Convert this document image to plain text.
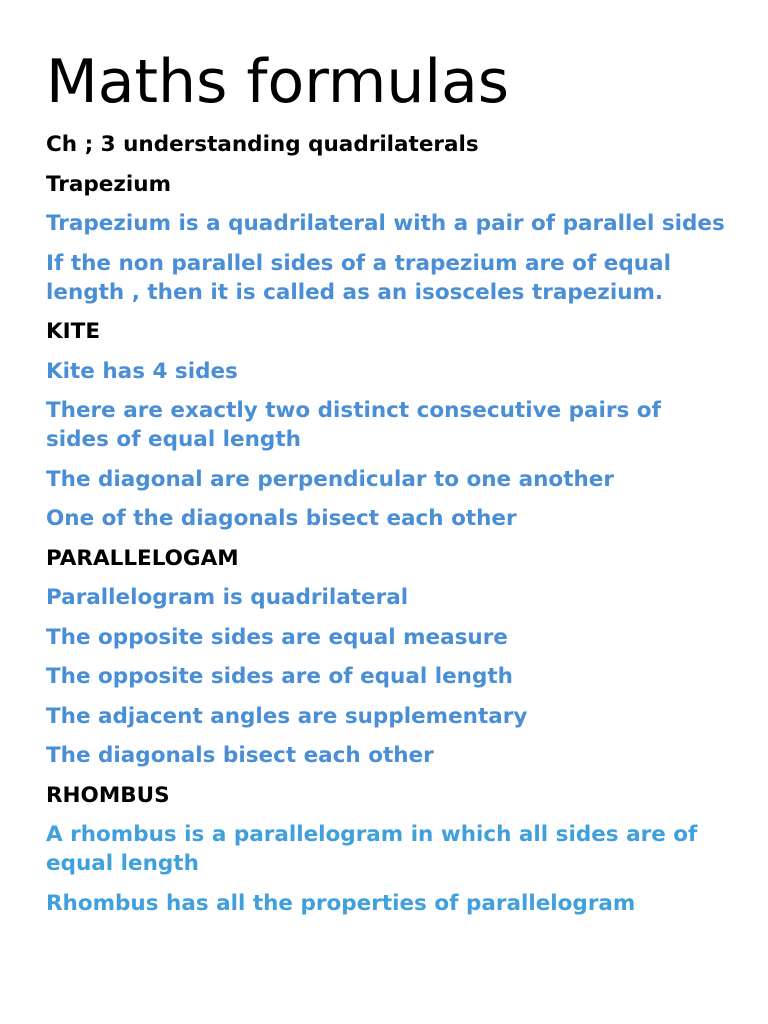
Maths formulas
Ch ; 3 understanding quadrilaterals
Trapezium
Trapezium is a quadrilateral with a pair of parallel sides
If the non parallel sides of a trapezium are of equal length , then it is called as an isosceles trapezium.
KITE
Kite has 4 sides
There are exactly two distinct consecutive pairs of sides of equal length
The diagonal are perpendicular to one another
One of the diagonals bisect each other
PARALLELOGAM
Parallelogram is quadrilateral
The opposite sides are equal measure
The opposite sides are of equal length
The adjacent angles are supplementary
The diagonals bisect each other
RHOMBUS
A rhombus is a parallelogram in which all sides are of equal length
Rhombus has all the properties of parallelogram
